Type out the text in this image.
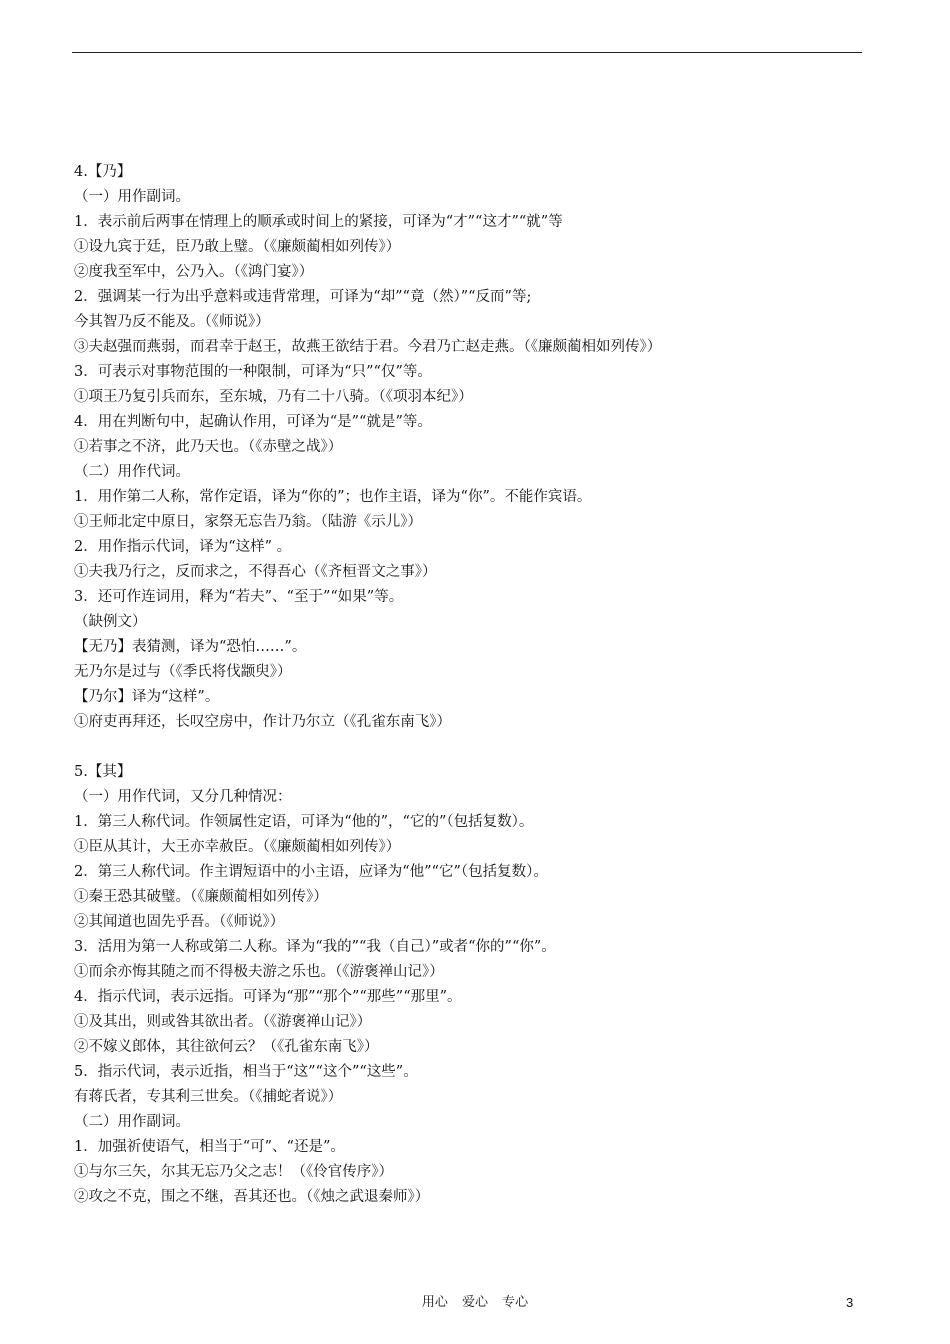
4.【乃】
（一）用作副词。
1．表示前后两事在情理上的顺承或时间上的紧接，可译为“才”“这才”“就”等
①设九宾于廷，臣乃敢上璧。（《廉颇蔺相如列传》）
②度我至军中，公乃入。（《鸿门宴》）
2．强调某一行为出乎意料或违背常理，可译为“却”“竟（然）”“反而”等;
今其智乃反不能及。（《师说》）
③夫赵强而燕弱，而君幸于赵王，故燕王欲结于君。今君乃亡赵走燕。（《廉颇蔺相如列传》）
3．可表示对事物范围的一种限制，可译为“只”“仅”等。
①项王乃复引兵而东，至东城，乃有二十八骑。（《项羽本纪》）
4．用在判断句中，起确认作用，可译为“是”“就是”等。
①若事之不济，此乃天也。（《赤壁之战》）
（二）用作代词。
1．用作第二人称，常作定语，译为“你的”；也作主语，译为“你”。不能作宾语。
①王师北定中原日，家祭无忘告乃翁。（陆游《示儿》）
2．用作指示代词，译为“这样” 。
①夫我乃行之，反而求之，不得吾心（《齐桓晋文之事》）
3．还可作连词用，释为“若夫”、“至于”“如果”等。
（缺例文）
【无乃】表猜测，译为“恐怕……”。
无乃尔是过与（《季氏将伐颛臾》）
【乃尔】译为“这样”。
①府吏再拜还，长叹空房中，作计乃尔立（《孔雀东南飞》）
5.【其】
（一）用作代词，又分几种情况：
1．第三人称代词。作领属性定语，可译为“他的”，“它的”（包括复数）。
①臣从其计，大王亦幸赦臣。（《廉颇蔺相如列传》）
2．第三人称代词。作主谓短语中的小主语，应译为“他”“它”（包括复数）。
①秦王恐其破璧。（《廉颇蔺相如列传》）
②其闻道也固先乎吾。（《师说》）
3．活用为第一人称或第二人称。译为“我的”“我（自己）”或者“你的”“你”。
①而余亦悔其随之而不得极夫游之乐也。（《游褒禅山记》）
4．指示代词，表示远指。可译为“那”“那个”“那些”“那里”。
①及其出，则或咎其欲出者。（《游褒禅山记》）
②不嫁义郎体，其往欲何云？（《孔雀东南飞》）
5．指示代词，表示近指，相当于“这”“这个”“这些”。
有蒋氏者，专其利三世矣。（《捕蛇者说》）
（二）用作副词。
1．加强祈使语气，相当于“可”、“还是”。
①与尔三矢，尔其无忘乃父之志！（《伶官传序》）
②攻之不克，围之不继，吾其还也。（《烛之武退秦师》）
用心 爱心 专心	3
